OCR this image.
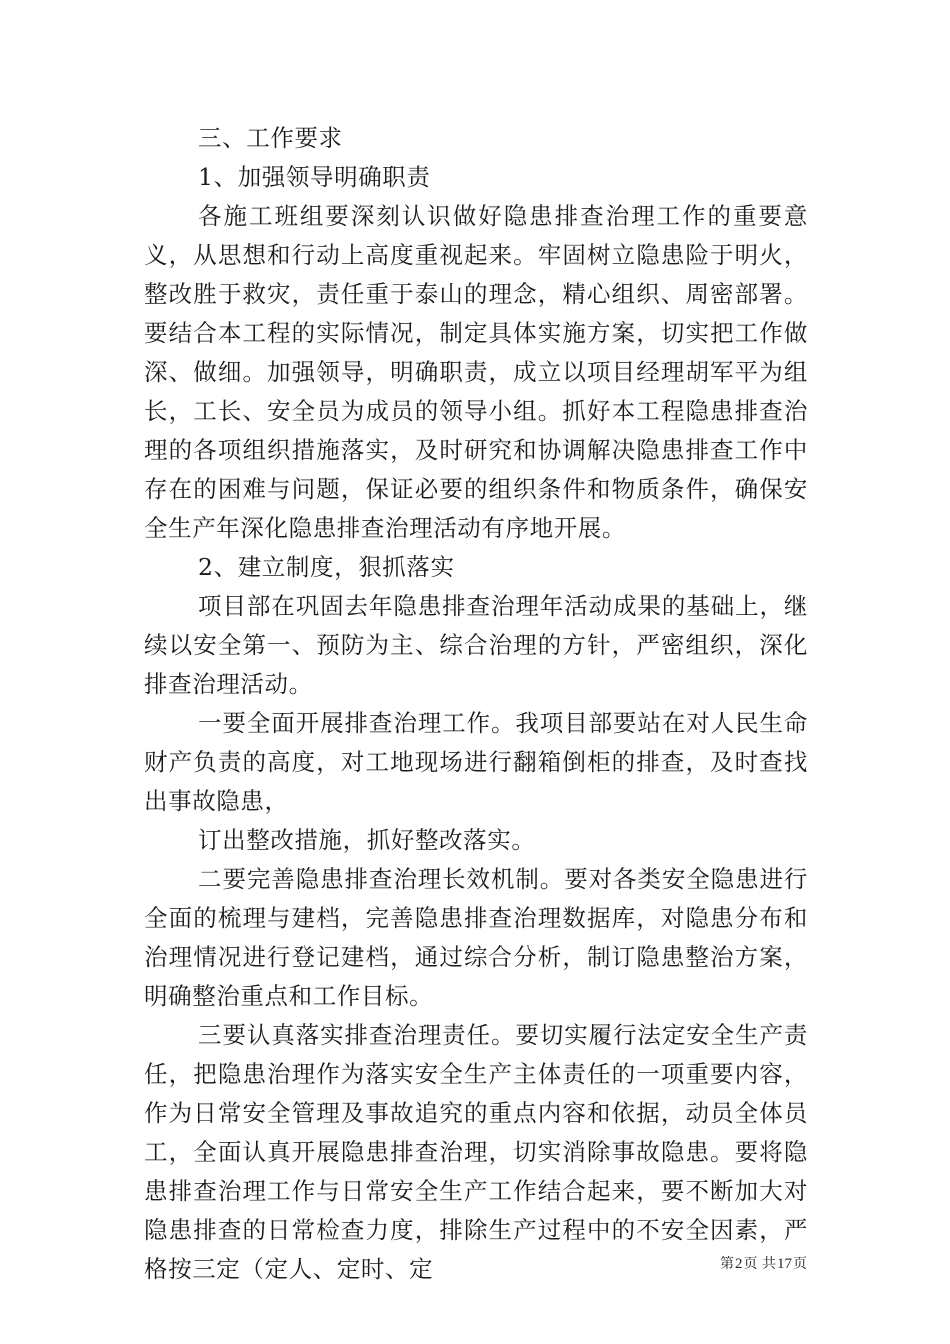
三、工作要求

1、加强领导明确职责

各施工班组要深刻认识做好隐患排查治理工作的重要意义，从思想和行动上高度重视起来。牢固树立隐患险于明火，整改胜于救灾，责任重于泰山的理念，精心组织、周密部署。要结合本工程的实际情况，制定具体实施方案，切实把工作做深、做细。加强领导，明确职责，成立以项目经理胡军平为组长，工长、安全员为成员的领导小组。抓好本工程隐患排查治理的各项组织措施落实，及时研究和协调解决隐患排查工作中存在的困难与问题，保证必要的组织条件和物质条件，确保安全生产年深化隐患排查治理活动有序地开展。

2、建立制度，狠抓落实

项目部在巩固去年隐患排查治理年活动成果的基础上，继续以安全第一、预防为主、综合治理的方针，严密组织，深化排查治理活动。

一要全面开展排查治理工作。我项目部要站在对人民生命财产负责的高度，对工地现场进行翻箱倒柜的排查，及时查找出事故隐患，

订出整改措施，抓好整改落实。

二要完善隐患排查治理长效机制。要对各类安全隐患进行全面的梳理与建档，完善隐患排查治理数据库，对隐患分布和治理情况进行登记建档，通过综合分析，制订隐患整治方案，明确整治重点和工作目标。

三要认真落实排查治理责任。要切实履行法定安全生产责任，把隐患治理作为落实安全生产主体责任的一项重要内容，作为日常安全管理及事故追究的重点内容和依据，动员全体员工，全面认真开展隐患排查治理，切实消除事故隐患。要将隐患排查治理工作与日常安全生产工作结合起来，要不断加大对隐患排查的日常检查力度，排除生产过程中的不安全因素，严格按三定（定人、定时、定	第2页 共17页
